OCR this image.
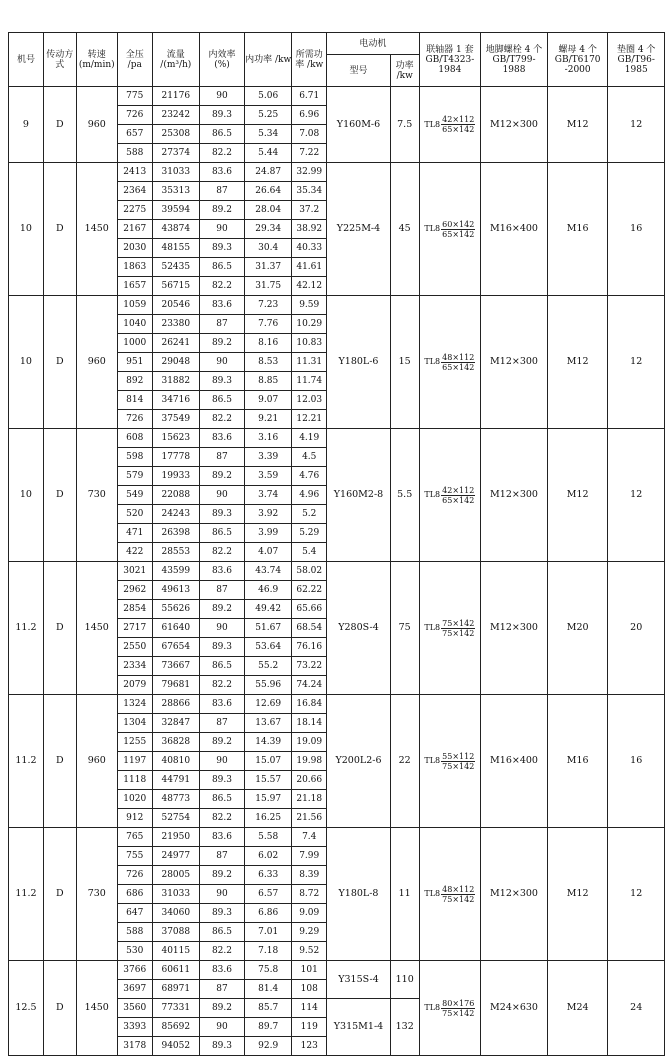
机号	传动方式	转速 (m/min)	全压 /pa	流量 /(m³/h)	内效率 (%)	内功率 /kw	所需功率 /kw	电动机		联轴器 1 套 GB/T4323-1984	地脚螺栓 4 个 GB/T799-1988	螺母 4 个 GB/T6170 -2000	垫圈 4 个 GB/T96-1985
								型号	功率 /kw				
9	D	960	775	21176	90	5.06	6.71	Y160M-6	7.5	$TL8 \frac{42\times 112}{65\times 142}$	M12×300	M12	12
			726	23242	89.3	5.25	6.96						
			657	25308	86.5	5.34	7.08						
			588	27374	82.2	5.44	7.22						
10	D	1450	2413	31033	83.6	24.87	32.99	Y225M-4	45	$TL8 \frac{60\times 142}{65\times 142}$	M16×400	M16	16
			2364	35313	87	26.64	35.34						
			2275	39594	89.2	28.04	37.2						
			2167	43874	90	29.34	38.92						
			2030	48155	89.3	30.4	40.33						
			1863	52435	86.5	31.37	41.61						
			1657	56715	82.2	31.75	42.12						
10	D	960	1059	20546	83.6	7.23	9.59	Y180L-6	15	$TL8 \frac{48\times 112}{65\times 142}$	M12×300	M12	12
			1040	23380	87	7.76	10.29						
			1000	26241	89.2	8.16	10.83						
			951	29048	90	8.53	11.31						
			892	31882	89.3	8.85	11.74						
			814	34716	86.5	9.07	12.03						
			726	37549	82.2	9.21	12.21						
10	D	730	608	15623	83.6	3.16	4.19	Y160M2-8	5.5	$TL8 \frac{42\times 112}{65\times 142}$	M12×300	M12	12
			598	17778	87	3.39	4.5						
			579	19933	89.2	3.59	4.76						
			549	22088	90	3.74	4.96						
			520	24243	89.3	3.92	5.2						
			471	26398	86.5	3.99	5.29						
			422	28553	82.2	4.07	5.4						
11.2	D	1450	3021	43599	83.6	43.74	58.02	Y280S-4	75	$TL8 \frac{75\times 142}{75\times 142}$	M12×300	M20	20
			2962	49613	87	46.9	62.22						
			2854	55626	89.2	49.42	65.66						
			2717	61640	90	51.67	68.54						
			2550	67654	89.3	53.64	76.16						
			2334	73667	86.5	55.2	73.22						
			2079	79681	82.2	55.96	74.24						
11.2	D	960	1324	28866	83.6	12.69	16.84	Y200L2-6	22	$TL8 \frac{55\times 112}{75\times 142}$	M16×400	M16	16
			1304	32847	87	13.67	18.14						
			1255	36828	89.2	14.39	19.09						
			1197	40810	90	15.07	19.98						
			1118	44791	89.3	15.57	20.66						
			1020	48773	86.5	15.97	21.18						
			912	52754	82.2	16.25	21.56						
11.2	D	730	765	21950	83.6	5.58	7.4	Y180L-8	11	$TL8 \frac{48\times 112}{75\times 142}$	M12×300	M12	12
			755	24977	87	6.02	7.99						
			726	28005	89.2	6.33	8.39						
			686	31033	90	6.57	8.72						
			647	34060	89.3	6.86	9.09						
			588	37088	86.5	7.01	9.29						
			530	40115	82.2	7.18	9.52						
12.5	D	1450	3766	60611	83.6	75.8	101	Y315S-4	110	$TL8 \frac{80\times 176}{75\times 142}$	M24×630	M24	24
			3697	68971	87	81.4	108						
			3560	77331	89.2	85.7	114	Y315M1-4	132				
			3393	85692	90	89.7	119						
			3178	94052	89.3	92.9	123						
